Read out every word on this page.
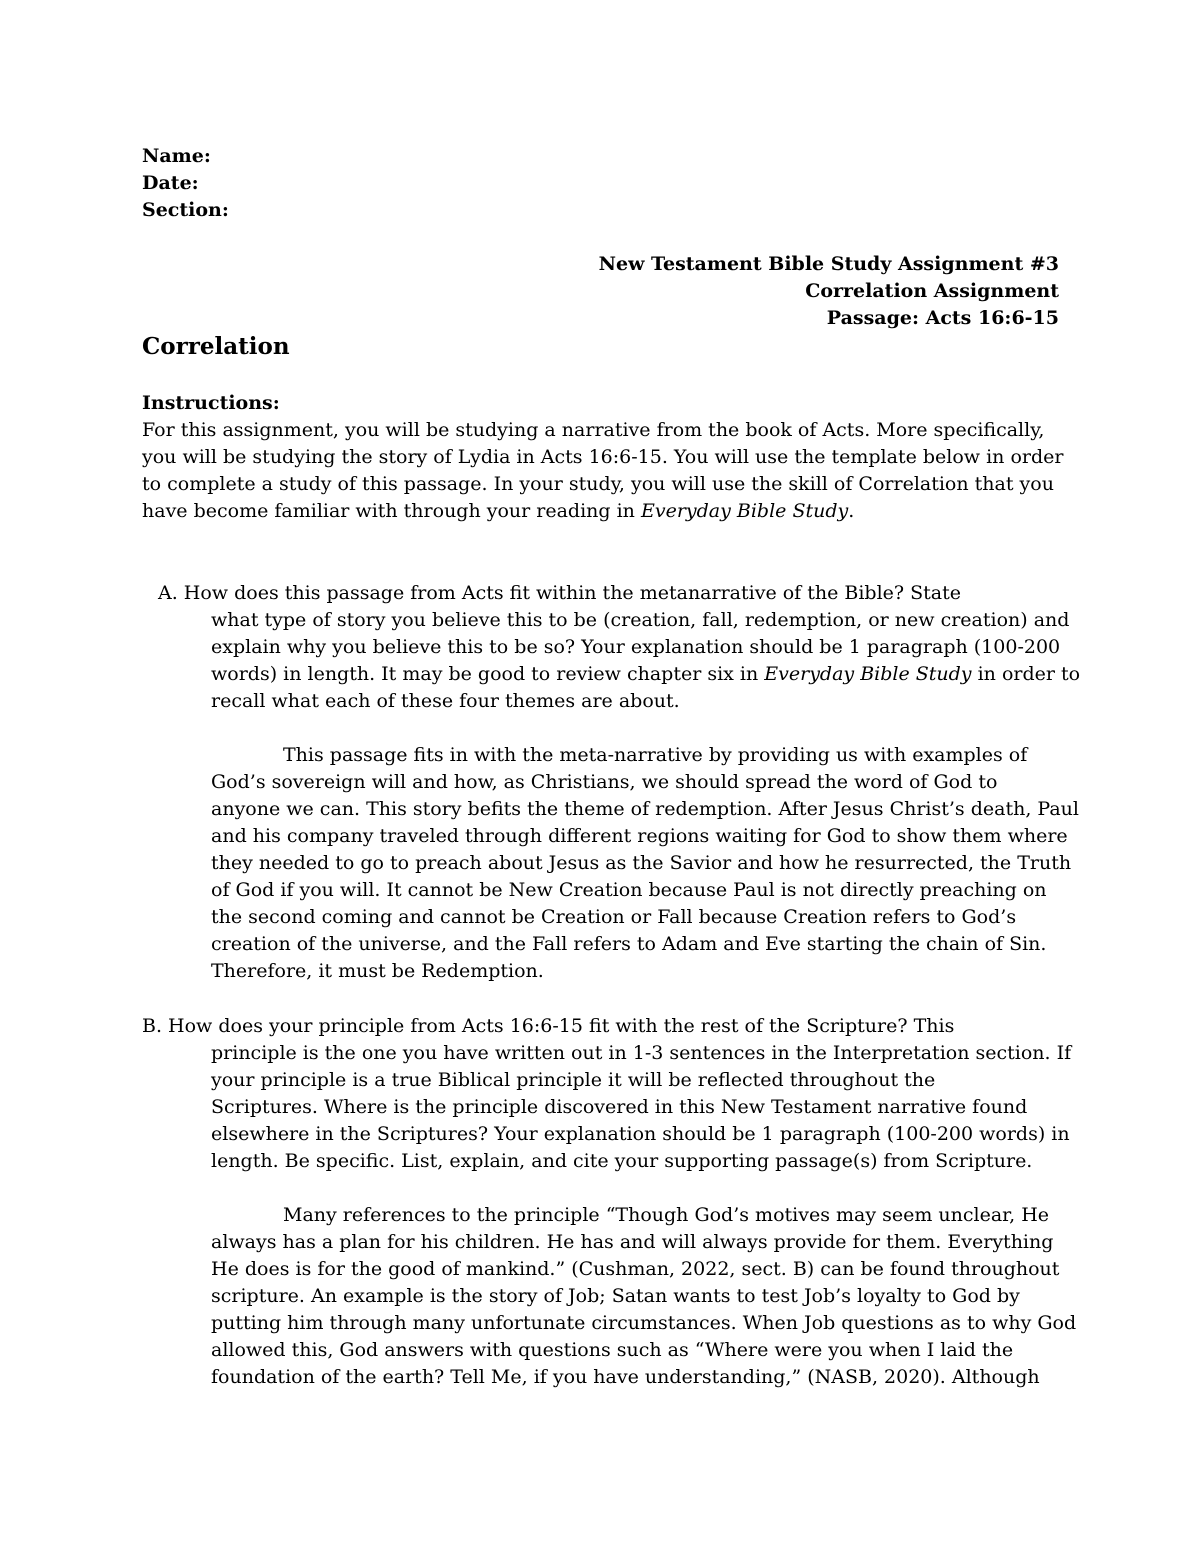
Name:
Date:
Section:
New Testament Bible Study Assignment #3
Correlation Assignment
Passage: Acts 16:6-15
Correlation
Instructions:
For this assignment, you will be studying a narrative from the book of Acts. More specifically,
you will be studying the story of Lydia in Acts 16:6-15. You will use the template below in order
to complete a study of this passage. In your study, you will use the skill of Correlation that you
have become familiar with through your reading in Everyday Bible Study.
A. How does this passage from Acts fit within the metanarrative of the Bible? State
what type of story you believe this to be (creation, fall, redemption, or new creation) and
explain why you believe this to be so? Your explanation should be 1 paragraph (100-200
words) in length. It may be good to review chapter six in Everyday Bible Study in order to
recall what each of these four themes are about.
This passage fits in with the meta-narrative by providing us with examples of
God’s sovereign will and how, as Christians, we should spread the word of God to
anyone we can. This story befits the theme of redemption. After Jesus Christ’s death, Paul
and his company traveled through different regions waiting for God to show them where
they needed to go to preach about Jesus as the Savior and how he resurrected, the Truth
of God if you will. It cannot be New Creation because Paul is not directly preaching on
the second coming and cannot be Creation or Fall because Creation refers to God’s
creation of the universe, and the Fall refers to Adam and Eve starting the chain of Sin.
Therefore, it must be Redemption.
B. How does your principle from Acts 16:6-15 fit with the rest of the Scripture? This
principle is the one you have written out in 1-3 sentences in the Interpretation section. If
your principle is a true Biblical principle it will be reflected throughout the
Scriptures. Where is the principle discovered in this New Testament narrative found
elsewhere in the Scriptures? Your explanation should be 1 paragraph (100-200 words) in
length. Be specific. List, explain, and cite your supporting passage(s) from Scripture.
Many references to the principle “Though God’s motives may seem unclear, He
always has a plan for his children. He has and will always provide for them. Everything
He does is for the good of mankind.” (Cushman, 2022, sect. B) can be found throughout
scripture. An example is the story of Job; Satan wants to test Job’s loyalty to God by
putting him through many unfortunate circumstances. When Job questions as to why God
allowed this, God answers with questions such as “Where were you when I laid the
foundation of the earth? Tell Me, if you have understanding,” (NASB, 2020). Although
